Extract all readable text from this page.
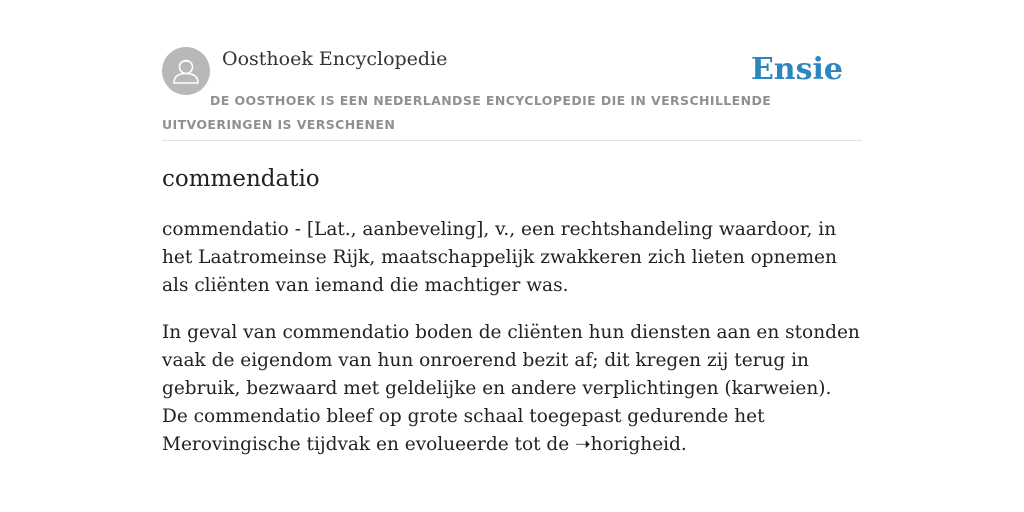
Oosthoek Encyclopedie	Ensie
DE OOSTHOEK IS EEN NEDERLANDSE ENCYCLOPEDIE DIE IN VERSCHILLENDE UITVOERINGEN IS VERSCHENEN
commendatio

commendatio - [Lat., aanbeveling], v., een rechtshandeling waardoor, in het Laatromeinse Rijk, maatschappelijk zwakkeren zich lieten opnemen als cliënten van iemand die machtiger was.

In geval van commendatio boden de cliënten hun diensten aan en stonden vaak de eigendom van hun onroerend bezit af; dit kregen zij terug in gebruik, bezwaard met geldelijke en andere verplichtingen (karweien). De commendatio bleef op grote schaal toegepast gedurende het Merovingische tijdvak en evolueerde tot de ➝horigheid.
